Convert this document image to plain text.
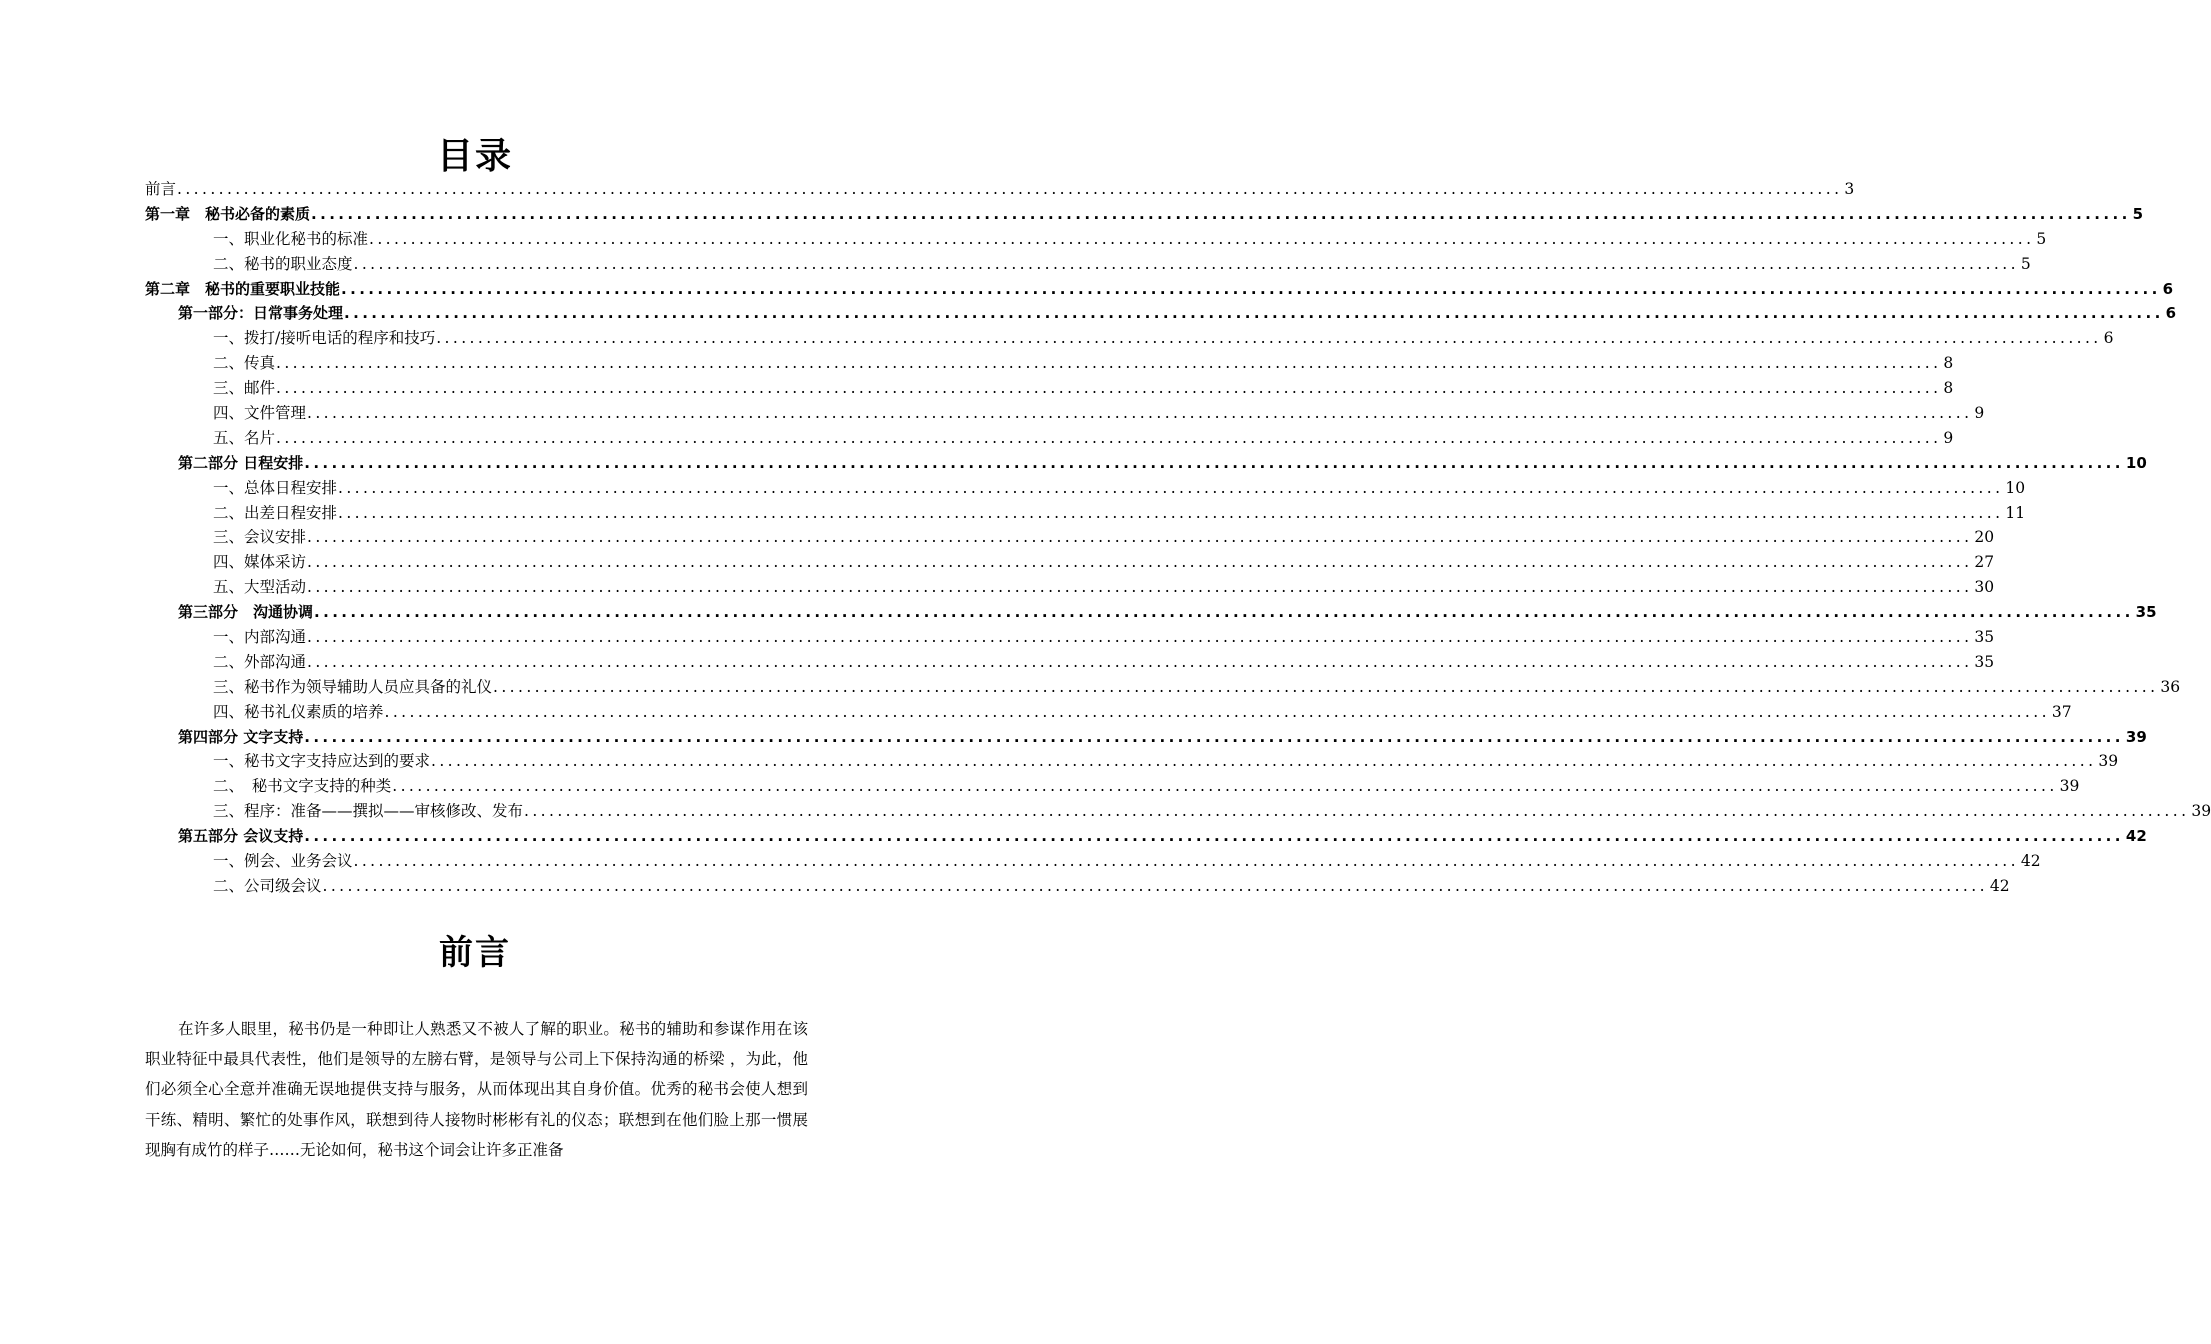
目录
前言 ........................................................................................................................................................................................................ 3
第一章　秘书必备的素质 ........................................................................................................................................................................................................ 5
一、职业化秘书的标准 ........................................................................................................................................................................................................ 5
二、秘书的职业态度 ........................................................................................................................................................................................................ 5
第二章　秘书的重要职业技能 ........................................................................................................................................................................................................ 6
第一部分：日常事务处理 ........................................................................................................................................................................................................ 6
一、拨打/接听电话的程序和技巧 ........................................................................................................................................................................................................ 6
二、传真 ........................................................................................................................................................................................................ 8
三、邮件 ........................................................................................................................................................................................................ 8
四、文件管理 ........................................................................................................................................................................................................ 9
五、名片 ........................................................................................................................................................................................................ 9
第二部分 日程安排 ........................................................................................................................................................................................................ 10
一、总体日程安排 ........................................................................................................................................................................................................ 10
二、出差日程安排 ........................................................................................................................................................................................................ 11
三、会议安排 ........................................................................................................................................................................................................ 20
四、媒体采访 ........................................................................................................................................................................................................ 27
五、大型活动 ........................................................................................................................................................................................................ 30
第三部分　沟通协调 ........................................................................................................................................................................................................ 35
一、内部沟通 ........................................................................................................................................................................................................ 35
二、外部沟通 ........................................................................................................................................................................................................ 35
三、秘书作为领导辅助人员应具备的礼仪 ........................................................................................................................................................................................................ 36
四、秘书礼仪素质的培养 ........................................................................................................................................................................................................ 37
第四部分 文字支持 ........................................................................................................................................................................................................ 39
一、秘书文字支持应达到的要求 ........................................................................................................................................................................................................ 39
二、　秘书文字支持的种类 ........................................................................................................................................................................................................ 39
三、程序：准备——撰拟——审核修改、发布 ........................................................................................................................................................................................................ 39
第五部分 会议支持 ........................................................................................................................................................................................................ 42
一、例会、业务会议 ........................................................................................................................................................................................................ 42
二、公司级会议 ........................................................................................................................................................................................................ 42
前言

在许多人眼里，秘书仍是一种即让人熟悉又不被人了解的职业。秘书的辅助和参谋作用在该职业特征中最具代表性，他们是领导的左膀右臂，是领导与公司上下保持沟通的桥梁 ，为此，他们必须全心全意并准确无误地提供支持与服务，从而体现出其自身价值。优秀的秘书会使人想到干练、精明、繁忙的处事作风，联想到待人接物时彬彬有礼的仪态；联想到在他们脸上那一惯展现胸有成竹的样子……无论如何，秘书这个词会让许多正准备
